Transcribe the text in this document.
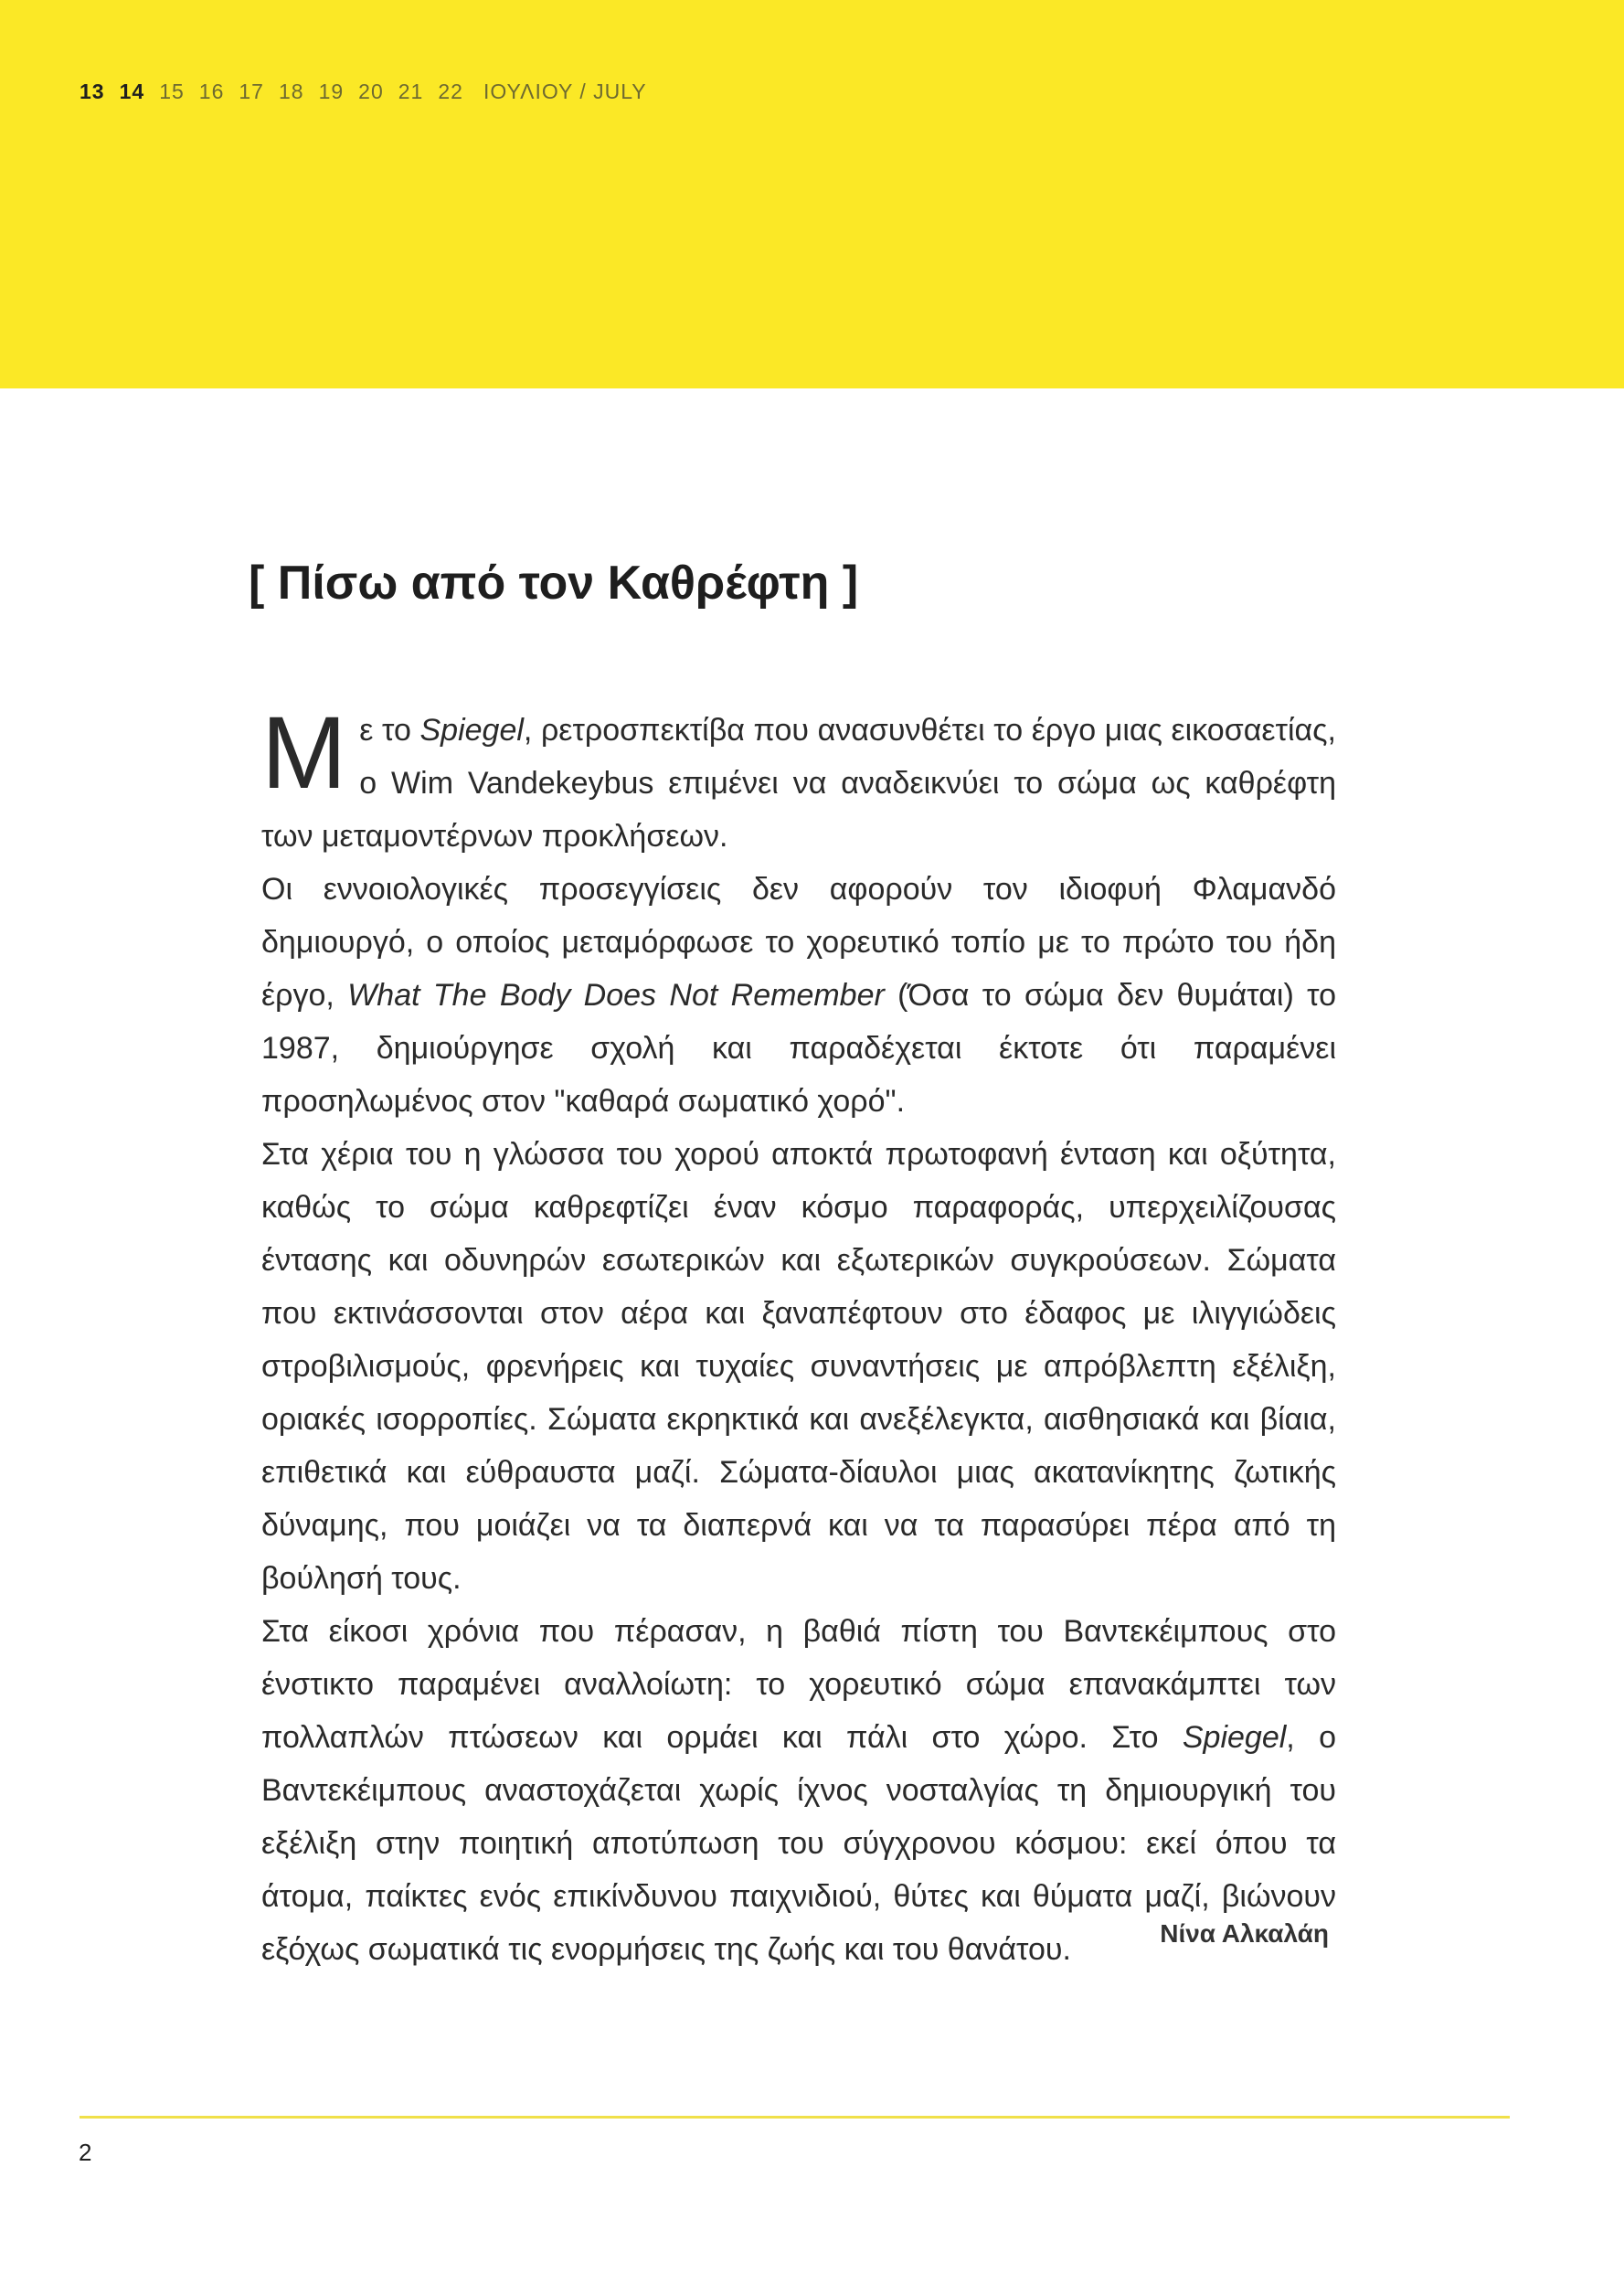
13 14 15 16 17 18 19 20 21 22 ΙΟΥΛΙΟΥ / JULY
[ Πίσω από τον Καθρέφτη ]

Με το Spiegel, ρετροσπεκτίβα που ανασυνθέτει το έργο μιας εικοσαετίας, ο Wim Vandekeybus επιμένει να αναδεικνύει το σώμα ως καθρέφτη των μεταμοντέρνων προκλήσεων.

Οι εννοιολογικές προσεγγίσεις δεν αφορούν τον ιδιοφυή Φλαμανδό δημιουργό, ο οποίος μεταμόρφωσε το χορευτικό τοπίο με το πρώτο του ήδη έργο, What The Body Does Not Remember (Όσα το σώμα δεν θυμάται) το 1987, δημιούργησε σχολή και παραδέχεται έκτοτε ότι παραμένει προσηλωμένος στον "καθαρά σωματικό χορό".

Στα χέρια του η γλώσσα του χορού αποκτά πρωτοφανή ένταση και οξύτητα, καθώς το σώμα καθρεφτίζει έναν κόσμο παραφοράς, υπερχειλίζουσας έντασης και οδυνηρών εσωτερικών και εξωτερικών συγκρούσεων. Σώματα που εκτινάσσονται στον αέρα και ξαναπέφτουν στο έδαφος με ιλιγγιώδεις στροβιλισμούς, φρενήρεις και τυχαίες συναντήσεις με απρόβλεπτη εξέλιξη, οριακές ισορροπίες. Σώματα εκρηκτικά και ανεξέλεγκτα, αισθησιακά και βίαια, επιθετικά και εύθραυστα μαζί. Σώματα-δίαυλοι μιας ακατανίκητης ζωτικής δύναμης, που μοιάζει να τα διαπερνά και να τα παρασύρει πέρα από τη βούλησή τους.

Στα είκοσι χρόνια που πέρασαν, η βαθιά πίστη του Βαντεκέιμπους στο ένστικτο παραμένει αναλλοίωτη: το χορευτικό σώμα επανακάμπτει των πολλαπλών πτώσεων και ορμάει και πάλι στο χώρο. Στο Spiegel, ο Βαντεκέιμπους αναστοχάζεται χωρίς ίχνος νοσταλγίας τη δημιουργική του εξέλιξη στην ποιητική αποτύπωση του σύγχρονου κόσμου: εκεί όπου τα άτομα, παίκτες ενός επικίνδυνου παιχνιδιού, θύτες και θύματα μαζί, βιώνουν εξόχως σωματικά τις ενορμήσεις της ζωής και του θανάτου.	Νίνα Αλκαλάη
2
